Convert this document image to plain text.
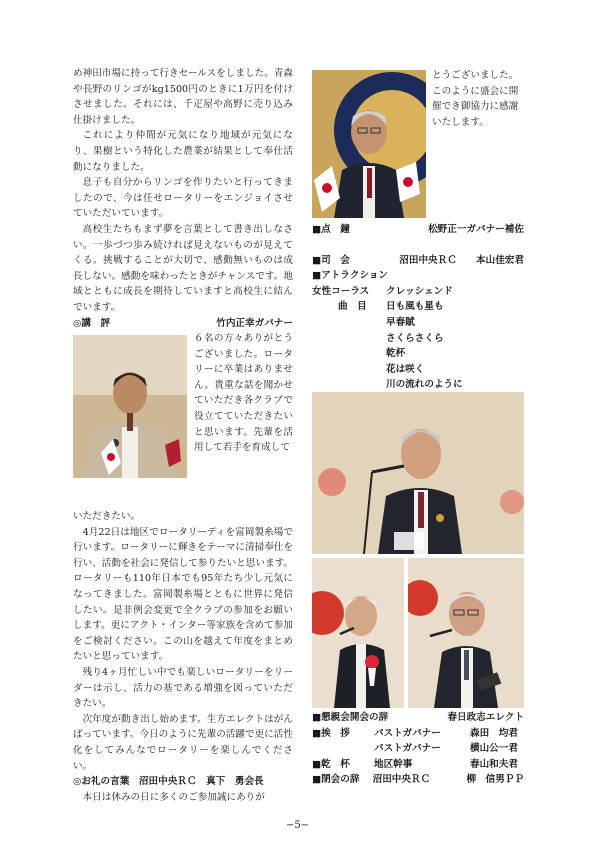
め神田市場に持って行きセールスをしました。青森や長野のリンゴがkg1500円のときに1万円を付けさせました。それには、千疋屋や高野に売り込み仕掛けました。

これにより仲間が元気になり地域が元気になり、果樹という特化した農業が結果として奉仕活動になりました。

息子も自分からリンゴを作りたいと行ってきましたので、今は任せロータリーをエンジョイさせていただいています。

高校生たちもまず夢を言葉として書き出しなさい。一歩づつ歩み続ければ見えないものが見えてくる。挑戦することが大切で、感動無いものは成長しない。感動を味わったときがチャンスです。地域とともに成長を期待していますと高校生に結んでいます。

◎講　評	竹内正幸ガバナー

６名の方々ありがとうございました。ロータリーに卒業はありません。貴重な話を聞かせていただき各クラブで役立てていただきたいと思います。先輩を活用して若手を育成して

いただきたい。

4月22日は地区でロータリーディを富岡製糸場で行います。ロータリーに輝きをテーマに清掃奉仕を行い、活動を社会に発信して参りたいと思います。ロータリーも110年日本でも95年たち少し元気になってきました。富岡製糸場とともに世界に発信したい。是非例会変更で全クラブの参加をお願いします。更にアクト・インター等家族を含めて参加をご検討ください。この山を越えて年度をまとめたいと思っています。

残り4ヶ月忙しい中でも楽しいロータリーをリーダーは示し、活力の基である増強を図っていただきたい。

次年度が動き出し始めます。生方エレクトはがんばっています。今日のように先輩の活躍で更に活性化をしてみんなでロータリーを楽しんでください。

◎お礼の言葉　沼田中央ＲＣ　真下　勇会長

本日は休みの日に多くのご参加誠にありが

とうございました。このように盛会に開催でき御協力に感謝いたします。

■点　鐘	松野正一ガバナー補佐
■司　会	沼田中央ＲＣ　　本山佳宏君
■アトラクション
女性コーラス	クレッシェンド
曲　目	日も風も星も
早春賦
さくらさくら
乾杯
花は咲く
川の流れのように
■懇親会開会の辞	春日政志エレクト
■挨　拶	パストガバナー	森田　均君
パストガバナー	横山公一君
■乾　杯	地区幹事	春山和夫君
■閉会の辞	沼田中央ＲＣ	柳　信男ＰＰ
−5−
